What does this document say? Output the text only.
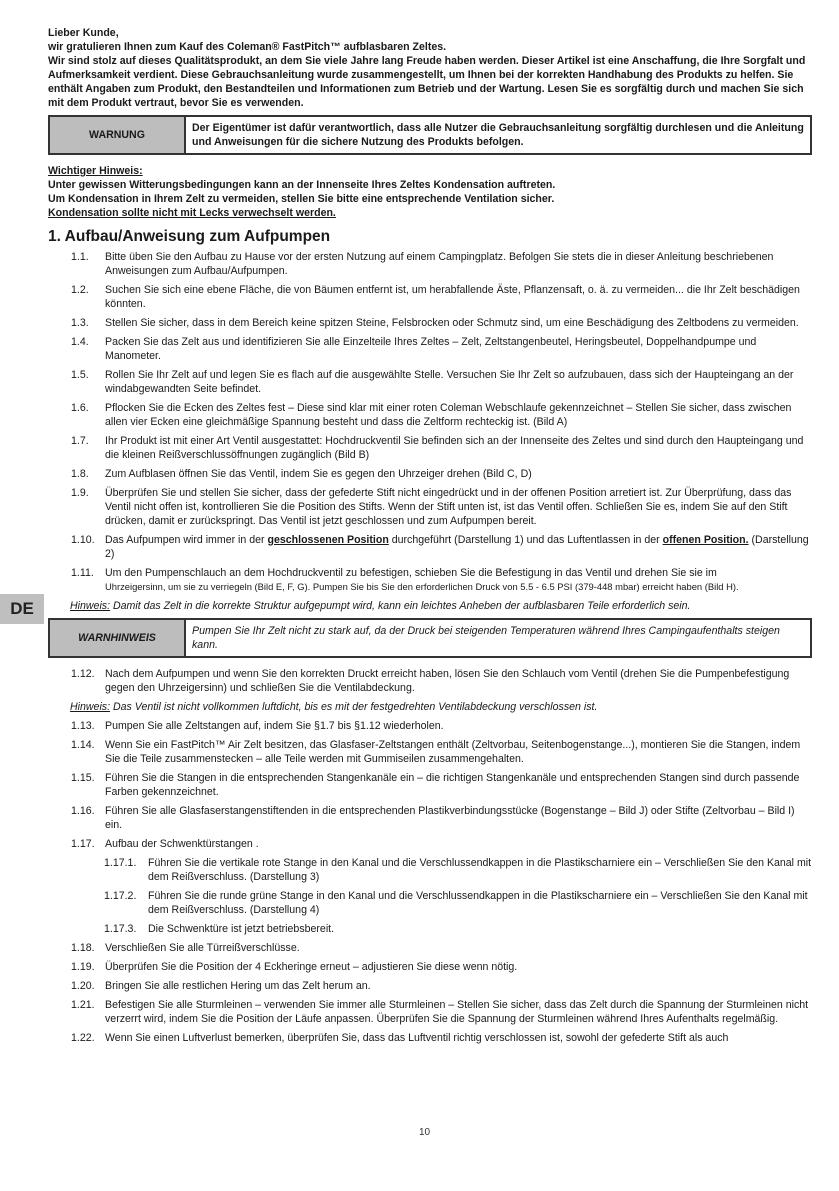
DE

Lieber Kunde,

wir gratulieren Ihnen zum Kauf des Coleman® FastPitch™ aufblasbaren Zeltes.

Wir sind stolz auf dieses Qualitätsprodukt, an dem Sie viele Jahre lang Freude haben werden. Dieser Artikel ist eine Anschaffung, die Ihre Sorgfalt und Aufmerksamkeit verdient. Diese Gebrauchsanleitung wurde zusammengestellt, um Ihnen bei der korrekten Handhabung des Produkts zu helfen. Sie enthält Angaben zum Produkt, den Bestandteilen und Informationen zum Betrieb und der Wartung. Lesen Sie es sorgfältig durch und machen Sie sich mit dem Produkt vertraut, bevor Sie es verwenden.

WARNUNG
Der Eigentümer ist dafür verantwortlich, dass alle Nutzer die Gebrauchsanleitung sorgfältig durchlesen und die Anleitung und Anweisungen für die sichere Nutzung des Produkts befolgen.
Wichtiger Hinweis:

Unter gewissen Witterungsbedingungen kann an der Innenseite Ihres Zeltes Kondensation auftreten.

Um Kondensation in Ihrem Zelt zu vermeiden, stellen Sie bitte eine entsprechende Ventilation sicher.

Kondensation sollte nicht mit Lecks verwechselt werden.

1. Aufbau/Anweisung zum Aufpumpen
1.1.	Bitte üben Sie den Aufbau zu Hause vor der ersten Nutzung auf einem Campingplatz. Befolgen Sie stets die in dieser Anleitung beschriebenen Anweisungen zum Aufbau/Aufpumpen.
1.2.	Suchen Sie sich eine ebene Fläche, die von Bäumen entfernt ist, um herabfallende Äste, Pflanzensaft, o. ä. zu vermeiden... die Ihr Zelt beschädigen könnten.
1.3.	Stellen Sie sicher, dass in dem Bereich keine spitzen Steine, Felsbrocken oder Schmutz sind, um eine Beschädigung des Zeltbodens zu vermeiden.
1.4.	Packen Sie das Zelt aus und identifizieren Sie alle Einzelteile Ihres Zeltes – Zelt, Zeltstangenbeutel, Heringsbeutel, Doppelhandpumpe und Manometer.
1.5.	Rollen Sie Ihr Zelt auf und legen Sie es flach auf die ausgewählte Stelle. Versuchen Sie Ihr Zelt so aufzubauen, dass sich der Haupteingang an der windabgewandten Seite befindet.
1.6.	Pflocken Sie die Ecken des Zeltes fest – Diese sind klar mit einer roten Coleman Webschlaufe gekennzeichnet – Stellen Sie sicher, dass zwischen allen vier Ecken eine gleichmäßige Spannung besteht und dass die Zeltform rechteckig ist. (Bild A)
1.7.	Ihr Produkt ist mit einer Art Ventil ausgestattet: Hochdruckventil Sie befinden sich an der Innenseite des Zeltes und sind durch den Haupteingang und die kleinen Reißverschlussöffnungen zugänglich (Bild B)
1.8.	Zum Aufblasen öffnen Sie das Ventil, indem Sie es gegen den Uhrzeiger drehen (Bild C, D)
1.9.	Überprüfen Sie und stellen Sie sicher, dass der gefederte Stift nicht eingedrückt und in der offenen Position arretiert ist. Zur Überprüfung, dass das Ventil nicht offen ist, kontrollieren Sie die Position des Stifts. Wenn der Stift unten ist, ist das Ventil offen. Schließen Sie es, indem Sie auf den Stift drücken, damit er zurückspringt. Das Ventil ist jetzt geschlossen und zum Aufpumpen bereit.
1.10. Das Aufpumpen wird immer in der geschlossenen Position durchgeführt (Darstellung 1) und das Luftentlassen in der offenen Position. (Darstellung 2)
1.11.	Um den Pumpenschlauch an dem Hochdruckventil zu befestigen, schieben Sie die Befestigung in das Ventil und drehen Sie sie im
Uhrzeigersinn, um sie zu verriegeln (Bild E, F, G). Pumpen Sie bis Sie den erforderlichen Druck von 5.5 - 6.5 PSI (379-448 mbar) erreicht haben (Bild H).
Hinweis: Damit das Zelt in die korrekte Struktur aufgepumpt wird, kann ein leichtes Anheben der aufblasbaren Teile erforderlich sein.
WARNHINWEIS
Pumpen Sie Ihr Zelt nicht zu stark auf, da der Druck bei steigenden Temperaturen während Ihres Campingaufenthalts steigen kann.
1.12. Nach dem Aufpumpen und wenn Sie den korrekten Druckt erreicht haben, lösen Sie den Schlauch vom Ventil (drehen Sie die Pumpenbefestigung gegen den Uhrzeigersinn) und schließen Sie die Ventilabdeckung.
Hinweis: Das Ventil ist nicht vollkommen luftdicht, bis es mit der festgedrehten Ventilabdeckung verschlossen ist.
1.13. Pumpen Sie alle Zeltstangen auf, indem Sie §1.7 bis §1.12 wiederholen.
1.14. Wenn Sie ein FastPitch™ Air Zelt besitzen, das Glasfaser-Zeltstangen enthält (Zeltvorbau, Seitenbogenstange...), montieren Sie die Stangen, indem Sie die Teile zusammenstecken – alle Teile werden mit Gummiseilen zusammengehalten.
1.15. Führen Sie die Stangen in die entsprechenden Stangenkanäle ein – die richtigen Stangenkanäle und entsprechenden Stangen sind durch passende Farben gekennzeichnet.
1.16. Führen Sie alle Glasfaserstangenstiftenden in die entsprechenden Plastikverbindungsstücke (Bogenstange – Bild J) oder Stifte (Zeltvorbau – Bild I) ein.
1.17. Aufbau der Schwenktürstangen .
1.17.1.	Führen Sie die vertikale rote Stange in den Kanal und die Verschlussendkappen in die Plastikscharniere ein – Verschließen Sie den Kanal mit dem Reißverschluss. (Darstellung 3)
1.17.2.	Führen Sie die runde grüne Stange in den Kanal und die Verschlussendkappen in die Plastikscharniere ein – Verschließen Sie den Kanal mit dem Reißverschluss. (Darstellung 4)
1.17.3.	Die Schwenktüre ist jetzt betriebsbereit.
1.18. Verschließen Sie alle Türreißverschlüsse.
1.19. Überprüfen Sie die Position der 4 Eckheringe erneut – adjustieren Sie diese wenn nötig.
1.20. Bringen Sie alle restlichen Hering um das Zelt herum an.
1.21. Befestigen Sie alle Sturmleinen – verwenden Sie immer alle Sturmleinen – Stellen Sie sicher, dass das Zelt durch die Spannung der Sturmleinen nicht verzerrt wird, indem Sie die Position der Läufe anpassen. Überprüfen Sie die Spannung der Sturmleinen während Ihres Aufenthalts regelmäßig.
1.22. Wenn Sie einen Luftverlust bemerken, überprüfen Sie, dass das Luftventil richtig verschlossen ist, sowohl der gefederte Stift als auch
10
